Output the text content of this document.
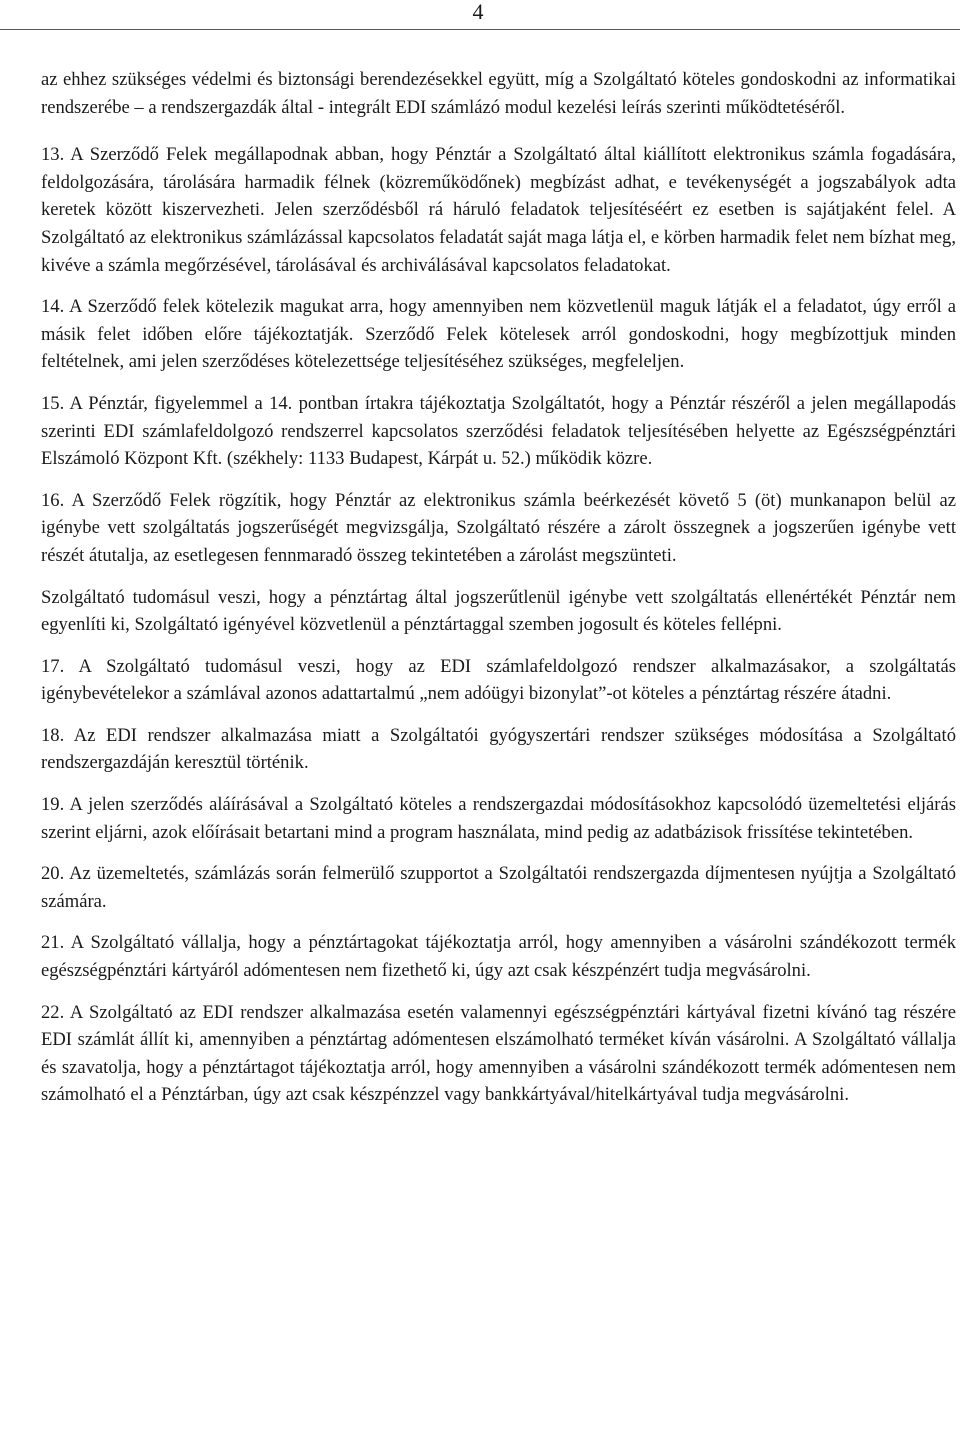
4

az ehhez szükséges védelmi és biztonsági berendezésekkel együtt, míg a Szolgáltató köteles gondoskodni az informatikai rendszerébe – a rendszergazdák által - integrált EDI számlázó modul kezelési leírás szerinti működtetéséről.

13. A Szerződő Felek megállapodnak abban, hogy Pénztár a Szolgáltató által kiállított elektronikus számla fogadására, feldolgozására, tárolására harmadik félnek (közreműködőnek) megbízást adhat, e tevékenységét a jogszabályok adta keretek között kiszervezheti. Jelen szerződésből rá háruló feladatok teljesítéséért ez esetben is sajátjaként felel. A Szolgáltató az elektronikus számlázással kapcsolatos feladatát saját maga látja el, e körben harmadik felet nem bízhat meg, kivéve a számla megőrzésével, tárolásával és archiválásával kapcsolatos feladatokat.

14. A Szerződő felek kötelezik magukat arra, hogy amennyiben nem közvetlenül maguk látják el a feladatot, úgy erről a másik felet időben előre tájékoztatják. Szerződő Felek kötelesek arról gondoskodni, hogy megbízottjuk minden feltételnek, ami jelen szerződéses kötelezettsége teljesítéséhez szükséges, megfeleljen.

15. A Pénztár, figyelemmel a 14. pontban írtakra tájékoztatja Szolgáltatót, hogy a Pénztár részéről a jelen megállapodás szerinti EDI számlafeldolgozó rendszerrel kapcsolatos szerződési feladatok teljesítésében helyette az Egészségpénztári Elszámoló Központ Kft. (székhely: 1133 Budapest, Kárpát u. 52.) működik közre.

16. A Szerződő Felek rögzítik, hogy Pénztár az elektronikus számla beérkezését követő 5 (öt) munkanapon belül az igénybe vett szolgáltatás jogszerűségét megvizsgálja, Szolgáltató részére a zárolt összegnek a jogszerűen igénybe vett részét átutalja, az esetlegesen fennmaradó összeg tekintetében a zárolást megszünteti.

Szolgáltató tudomásul veszi, hogy a pénztártag által jogszerűtlenül igénybe vett szolgáltatás ellenértékét Pénztár nem egyenlíti ki, Szolgáltató igényével közvetlenül a pénztártaggal szemben jogosult és köteles fellépni.

17. A Szolgáltató tudomásul veszi, hogy az EDI számlafeldolgozó rendszer alkalmazásakor, a szolgáltatás igénybevételekor a számlával azonos adattartalmú „nem adóügyi bizonylat”-ot köteles a pénztártag részére átadni.

18. Az EDI rendszer alkalmazása miatt a Szolgáltatói gyógyszertári rendszer szükséges módosítása a Szolgáltató rendszergazdáján keresztül történik.

19. A jelen szerződés aláírásával a Szolgáltató köteles a rendszergazdai módosításokhoz kapcsolódó üzemeltetési eljárás szerint eljárni, azok előírásait betartani mind a program használata, mind pedig az adatbázisok frissítése tekintetében.

20. Az üzemeltetés, számlázás során felmerülő szupportot a Szolgáltatói rendszergazda díjmentesen nyújtja a Szolgáltató számára.

21. A Szolgáltató vállalja, hogy a pénztártagokat tájékoztatja arról, hogy amennyiben a vásárolni szándékozott termék egészségpénztári kártyáról adómentesen nem fizethető ki, úgy azt csak készpénzért tudja megvásárolni.

22. A Szolgáltató az EDI rendszer alkalmazása esetén valamennyi egészségpénztári kártyával fizetni kívánó tag részére EDI számlát állít ki, amennyiben a pénztártag adómentesen elszámolható terméket kíván vásárolni. A Szolgáltató vállalja és szavatolja, hogy a pénztártagot tájékoztatja arról, hogy amennyiben a vásárolni szándékozott termék adómentesen nem számolható el a Pénztárban, úgy azt csak készpénzzel vagy bankkártyával/hitelkártyával tudja megvásárolni.
